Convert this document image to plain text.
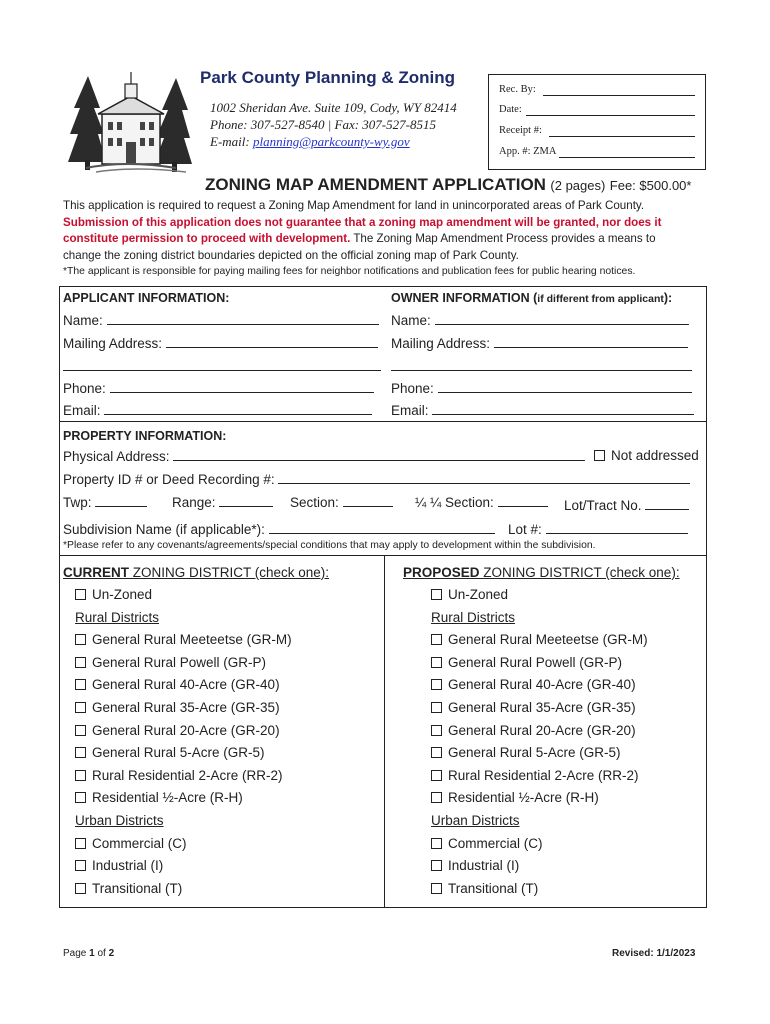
Park County Planning & Zoning
1002 Sheridan Ave. Suite 109, Cody, WY 82414
Phone: 307-527-8540 | Fax: 307-527-8515
E-mail: planning@parkcounty-wy.gov
Rec. By:
Date:
Receipt #:
App. #: ZMA
ZONING MAP AMENDMENT APPLICATION (2 pages) Fee: $500.00*
This application is required to request a Zoning Map Amendment for land in unincorporated areas of Park County.
Submission of this application does not guarantee that a zoning map amendment will be granted, nor does it
constitute permission to proceed with development. The Zoning Map Amendment Process provides a means to
change the zoning district boundaries depicted on the official zoning map of Park County.
*The applicant is responsible for paying mailing fees for neighbor notifications and publication fees for public hearing notices.
APPLICANT INFORMATION:
Name:
Mailing Address:
Phone:
Email:
OWNER INFORMATION (if different from applicant):
Name:
Mailing Address:
Phone:
Email:
PROPERTY INFORMATION:
Physical Address:	Not addressed
Property ID # or Deed Recording #:
Twp:	Range:	Section:	¼ ¼ Section:	Lot/Tract No.
Subdivision Name (if applicable*):	Lot #:
*Please refer to any covenants/agreements/special conditions that may apply to development within the subdivision.
CURRENT ZONING DISTRICT (check one):	PROPOSED ZONING DISTRICT (check one):
Un-Zoned
Rural Districts
General Rural Meeteetse (GR-M)
General Rural Powell (GR-P)
General Rural 40-Acre (GR-40)
General Rural 35-Acre (GR-35)
General Rural 20-Acre (GR-20)
General Rural 5-Acre (GR-5)
Rural Residential 2-Acre (RR-2)
Residential ½-Acre (R-H)
Urban Districts
Commercial (C)
Industrial (I)
Transitional (T)
Un-Zoned
Rural Districts
General Rural Meeteetse (GR-M)
General Rural Powell (GR-P)
General Rural 40-Acre (GR-40)
General Rural 35-Acre (GR-35)
General Rural 20-Acre (GR-20)
General Rural 5-Acre (GR-5)
Rural Residential 2-Acre (RR-2)
Residential ½-Acre (R-H)
Urban Districts
Commercial (C)
Industrial (I)
Transitional (T)
Page 1 of 2	Revised: 1/1/2023
